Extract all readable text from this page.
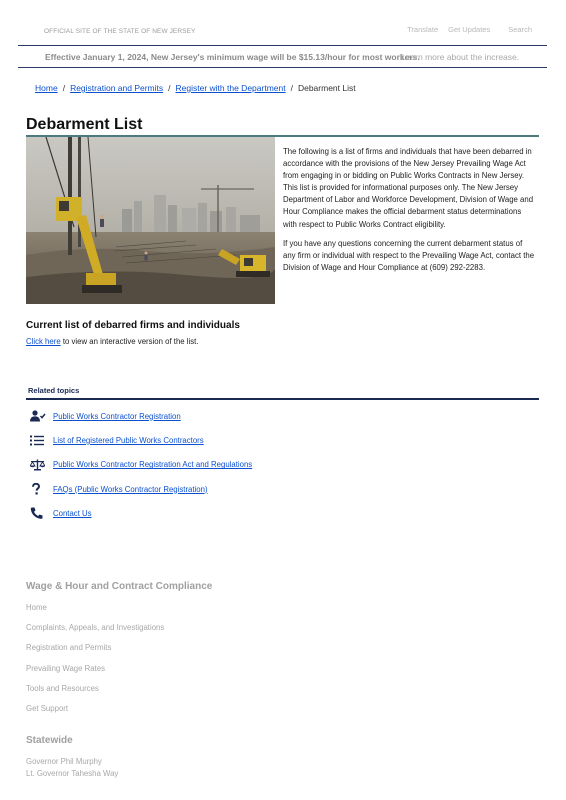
OFFICIAL SITE OF THE STATE OF NEW JERSEY	Translate Get Updates Search
Effective January 1, 2024, New Jersey's minimum wage will be $15.13/hour for most workers.
Learn more about the increase.
Home / Registration and Permits / Register with the Department / Debarment List
Debarment List

The following is a list of firms and individuals that have been debarred in accordance with the provisions of the New Jersey Prevailing Wage Act from engaging in or bidding on Public Works Contracts in New Jersey. This list is provided for informational purposes only. The New Jersey Department of Labor and Workforce Development, Division of Wage and Hour Compliance makes the official debarment status determinations with respect to Public Works Contract eligibility.

If you have any questions concerning the current debarment status of any firm or individual with respect to the Prevailing Wage Act, contact the Division of Wage and Hour Compliance at (609) 292-2283.

Current list of debarred firms and individuals

Click here to view an interactive version of the list.

Related topics
Public Works Contractor Registration
List of Registered Public Works Contractors
Public Works Contractor Registration Act and Regulations
FAQs (Public Works Contractor Registration)
Contact Us
Wage & Hour and Contract Compliance
Home
Complaints, Appeals, and Investigations
Registration and Permits
Prevailing Wage Rates
Tools and Resources
Get Support
Statewide
Governor Phil Murphy
Lt. Governor Tahesha Way
